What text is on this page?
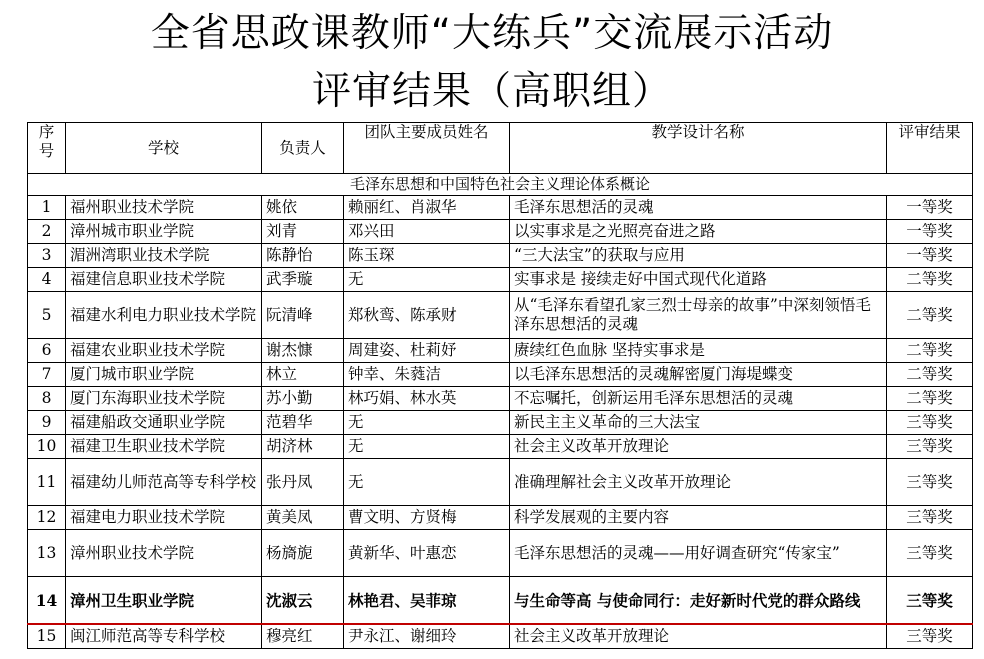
全省思政课教师“大练兵”交流展示活动
评审结果（高职组）
序号	学校	负责人	团队主要成员姓名	教学设计名称	评审结果
毛泽东思想和中国特色社会主义理论体系概论					
1	福州职业技术学院	姚依	赖丽红、肖淑华	毛泽东思想活的灵魂	一等奖
2	漳州城市职业学院	刘青	邓兴田	以实事求是之光照亮奋进之路	一等奖
3	湄洲湾职业技术学院	陈静怡	陈玉琛	“三大法宝”的获取与应用	一等奖
4	福建信息职业技术学院	武季璇	无	实事求是 接续走好中国式现代化道路	二等奖
5	福建水利电力职业技术学院	阮清峰	郑秋鸾、陈承财	从“毛泽东看望孔家三烈士母亲的故事”中深刻领悟毛泽东思想活的灵魂	二等奖
6	福建农业职业技术学院	谢杰慷	周建姿、杜莉妤	赓续红色血脉 坚持实事求是	二等奖
7	厦门城市职业学院	林立	钟幸、朱蕤洁	以毛泽东思想活的灵魂解密厦门海堤蝶变	二等奖
8	厦门东海职业技术学院	苏小勤	林巧娟、林水英	不忘嘱托，创新运用毛泽东思想活的灵魂	二等奖
9	福建船政交通职业学院	范碧华	无	新民主主义革命的三大法宝	三等奖
10	福建卫生职业技术学院	胡济林	无	社会主义改革开放理论	三等奖
11	福建幼儿师范高等专科学校	张丹凤	无	准确理解社会主义改革开放理论	三等奖
12	福建电力职业技术学院	黄美凤	曹文明、方贤梅	科学发展观的主要内容	三等奖
13	漳州职业技术学院	杨旖旎	黄新华、叶惠恋	毛泽东思想活的灵魂——用好调查研究“传家宝”	三等奖
14	漳州卫生职业学院	沈淑云	林艳君、吴菲琼	与生命等高 与使命同行：走好新时代党的群众路线	三等奖
15	闽江师范高等专科学校	穆亮红	尹永江、谢细玲	社会主义改革开放理论	三等奖
